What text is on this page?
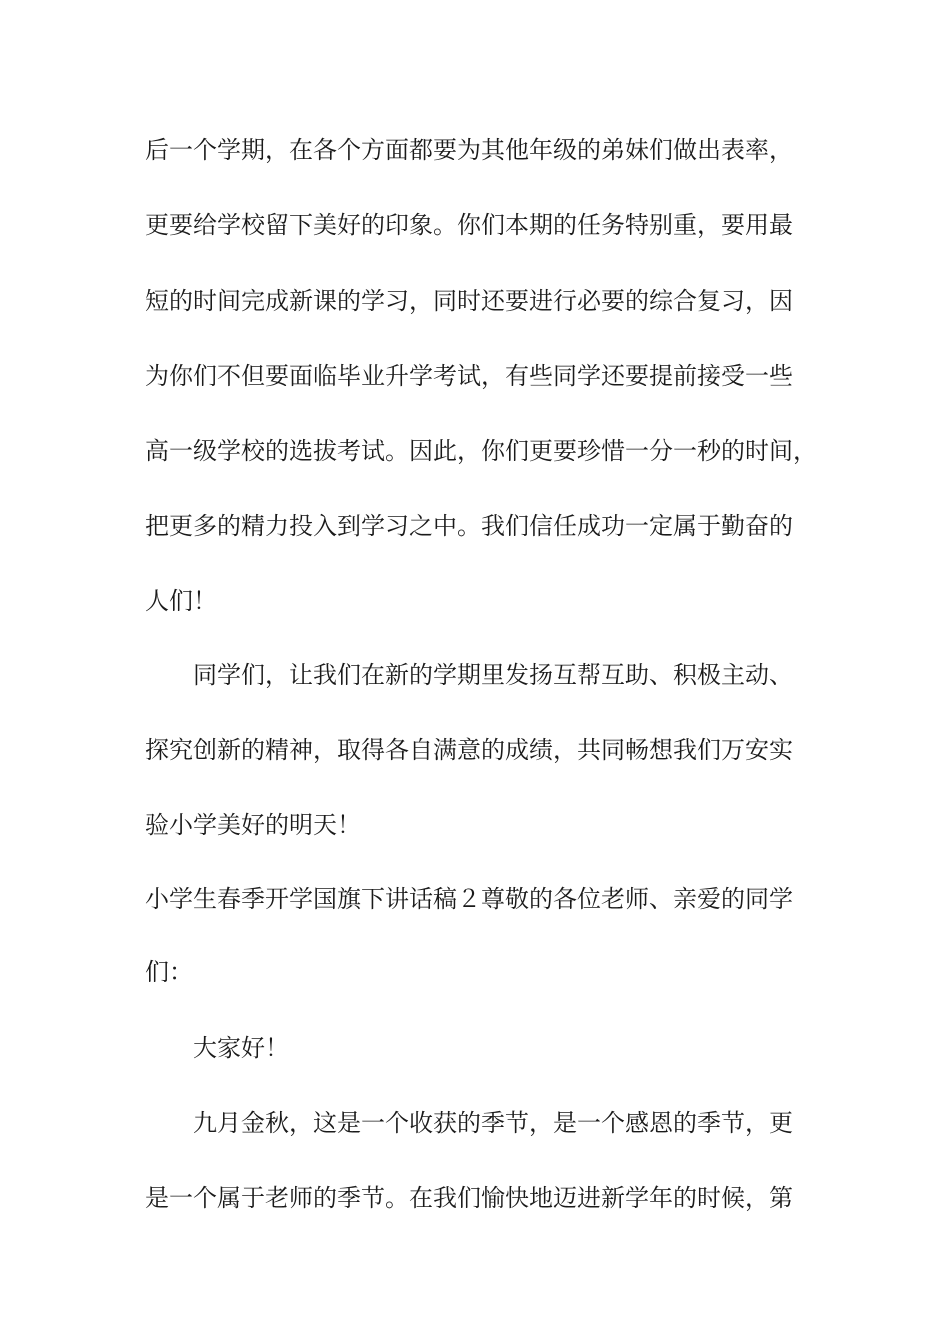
后一个学期，在各个方面都要为其他年级的弟妹们做出表率，
更要给学校留下美好的印象。你们本期的任务特别重，要用最
短的时间完成新课的学习，同时还要进行必要的综合复习，因
为你们不但要面临毕业升学考试，有些同学还要提前接受一些
高一级学校的选拔考试。因此，你们更要珍惜一分一秒的时间，
把更多的精力投入到学习之中。我们信任成功一定属于勤奋的
人们！
同学们，让我们在新的学期里发扬互帮互助、积极主动、
探究创新的精神，取得各自满意的成绩，共同畅想我们万安实
验小学美好的明天！
小学生春季开学国旗下讲话稿２尊敬的各位老师、亲爱的同学
们：
大家好！
九月金秋，这是一个收获的季节，是一个感恩的季节，更
是一个属于老师的季节。在我们愉快地迈进新学年的时候，第
